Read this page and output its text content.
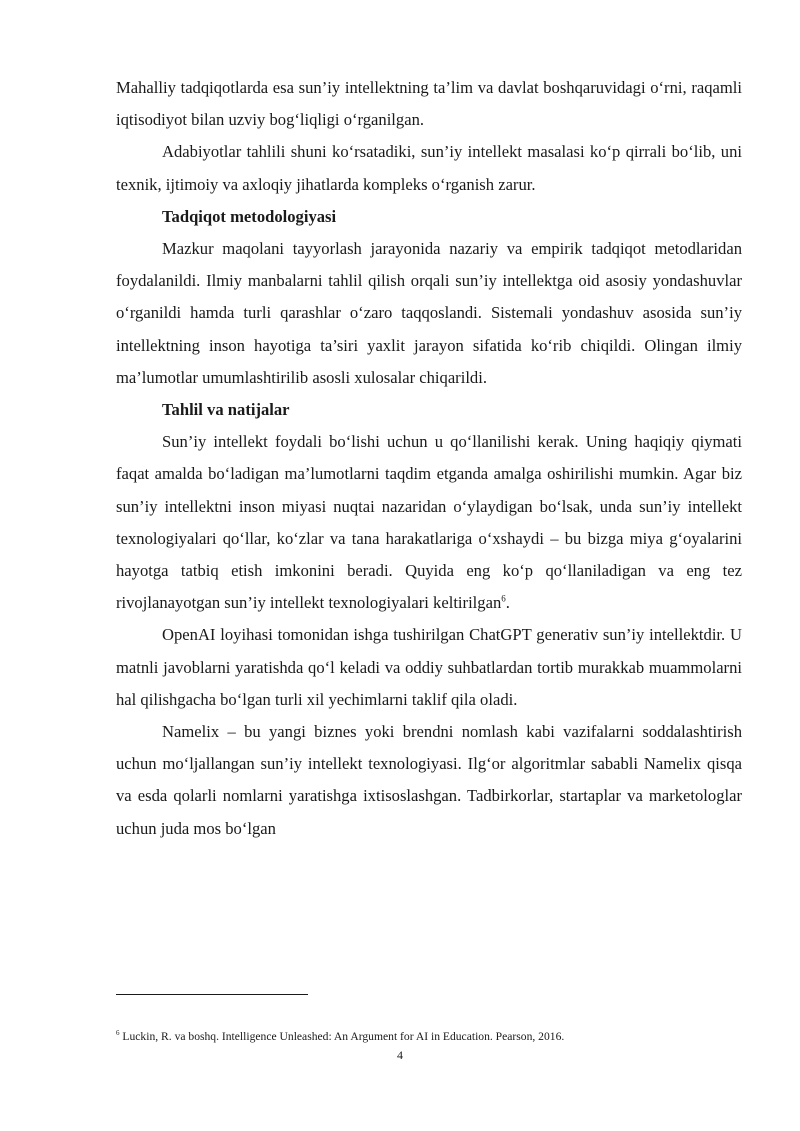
Mahalliy tadqiqotlarda esa sun’iy intellektning ta’lim va davlat boshqaruvidagi o‘rni, raqamli iqtisodiyot bilan uzviy bog‘liqligi o‘rganilgan.

Adabiyotlar tahlili shuni ko‘rsatadiki, sun’iy intellekt masalasi ko‘p qirrali bo‘lib, uni texnik, ijtimoiy va axloqiy jihatlarda kompleks o‘rganish zarur.

Tadqiqot metodologiyasi

Mazkur maqolani tayyorlash jarayonida nazariy va empirik tadqiqot metodlaridan foydalanildi. Ilmiy manbalarni tahlil qilish orqali sun’iy intellektga oid asosiy yondashuvlar o‘rganildi hamda turli qarashlar o‘zaro taqqoslandi. Sistemali yondashuv asosida sun’iy intellektning inson hayotiga ta’siri yaxlit jarayon sifatida ko‘rib chiqildi. Olingan ilmiy ma’lumotlar umumlashtirilib asosli xulosalar chiqarildi.

Tahlil va natijalar

Sun’iy intellekt foydali bo‘lishi uchun u qo‘llanilishi kerak. Uning haqiqiy qiymati faqat amalda bo‘ladigan ma’lumotlarni taqdim etganda amalga oshirilishi mumkin. Agar biz sun’iy intellektni inson miyasi nuqtai nazaridan o‘ylaydigan bo‘lsak, unda sun’iy intellekt texnologiyalari qo‘llar, ko‘zlar va tana harakatlariga o‘xshaydi – bu bizga miya g‘oyalarini hayotga tatbiq etish imkonini beradi. Quyida eng ko‘p qo‘llaniladigan va eng tez rivojlanayotgan sun’iy intellekt texnologiyalari keltirilgan$^6$.

OpenAI loyihasi tomonidan ishga tushirilgan ChatGPT generativ sun’iy intellektdir. U matnli javoblarni yaratishda qo‘l keladi va oddiy suhbatlardan tortib murakkab muammolarni hal qilishgacha bo‘lgan turli xil yechimlarni taklif qila oladi.

Namelix – bu yangi biznes yoki brendni nomlash kabi vazifalarni soddalashtirish uchun mo‘ljallangan sun’iy intellekt texnologiyasi. Ilg‘or algoritmlar sababli Namelix qisqa va esda qolarli nomlarni yaratishga ixtisoslashgan. Tadbirkorlar, startaplar va marketologlar uchun juda mos bo‘lgan

$^6$ Luckin, R. va boshq. Intelligence Unleashed: An Argument for AI in Education. Pearson, 2016.
4
